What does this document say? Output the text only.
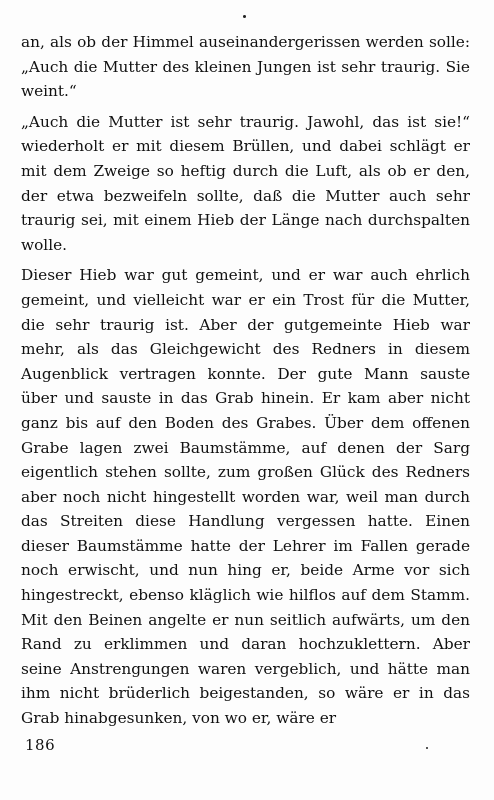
an, als ob der Himmel auseinandergerissen werden solle: „Auch die Mutter des kleinen Jungen ist sehr traurig. Sie weint.“

„Auch die Mutter ist sehr traurig. Jawohl, das ist sie!“ wiederholt er mit diesem Brüllen, und dabei schlägt er mit dem Zweige so heftig durch die Luft, als ob er den, der etwa bezweifeln sollte, daß die Mutter auch sehr traurig sei, mit einem Hieb der Länge nach durchspalten wolle.

Dieser Hieb war gut gemeint, und er war auch ehrlich gemeint, und vielleicht war er ein Trost für die Mutter, die sehr traurig ist. Aber der gutgemeinte Hieb war mehr, als das Gleichgewicht des Redners in diesem Augenblick vertragen konnte. Der gute Mann sauste über und sauste in das Grab hinein. Er kam aber nicht ganz bis auf den Boden des Grabes. Über dem offenen Grabe lagen zwei Baumstämme, auf denen der Sarg eigentlich stehen sollte, zum großen Glück des Redners aber noch nicht hingestellt worden war, weil man durch das Streiten diese Handlung vergessen hatte. Einen dieser Baumstämme hatte der Lehrer im Fallen gerade noch erwischt, und nun hing er, beide Arme vor sich hingestreckt, ebenso kläglich wie hilflos auf dem Stamm. Mit den Beinen angelte er nun seitlich aufwärts, um den Rand zu erklimmen und daran hochzuklettern. Aber seine Anstrengungen waren vergeblich, und hätte man ihm nicht brüderlich beigestanden, so wäre er in das Grab hinabgesunken, von wo er, wäre er

186
